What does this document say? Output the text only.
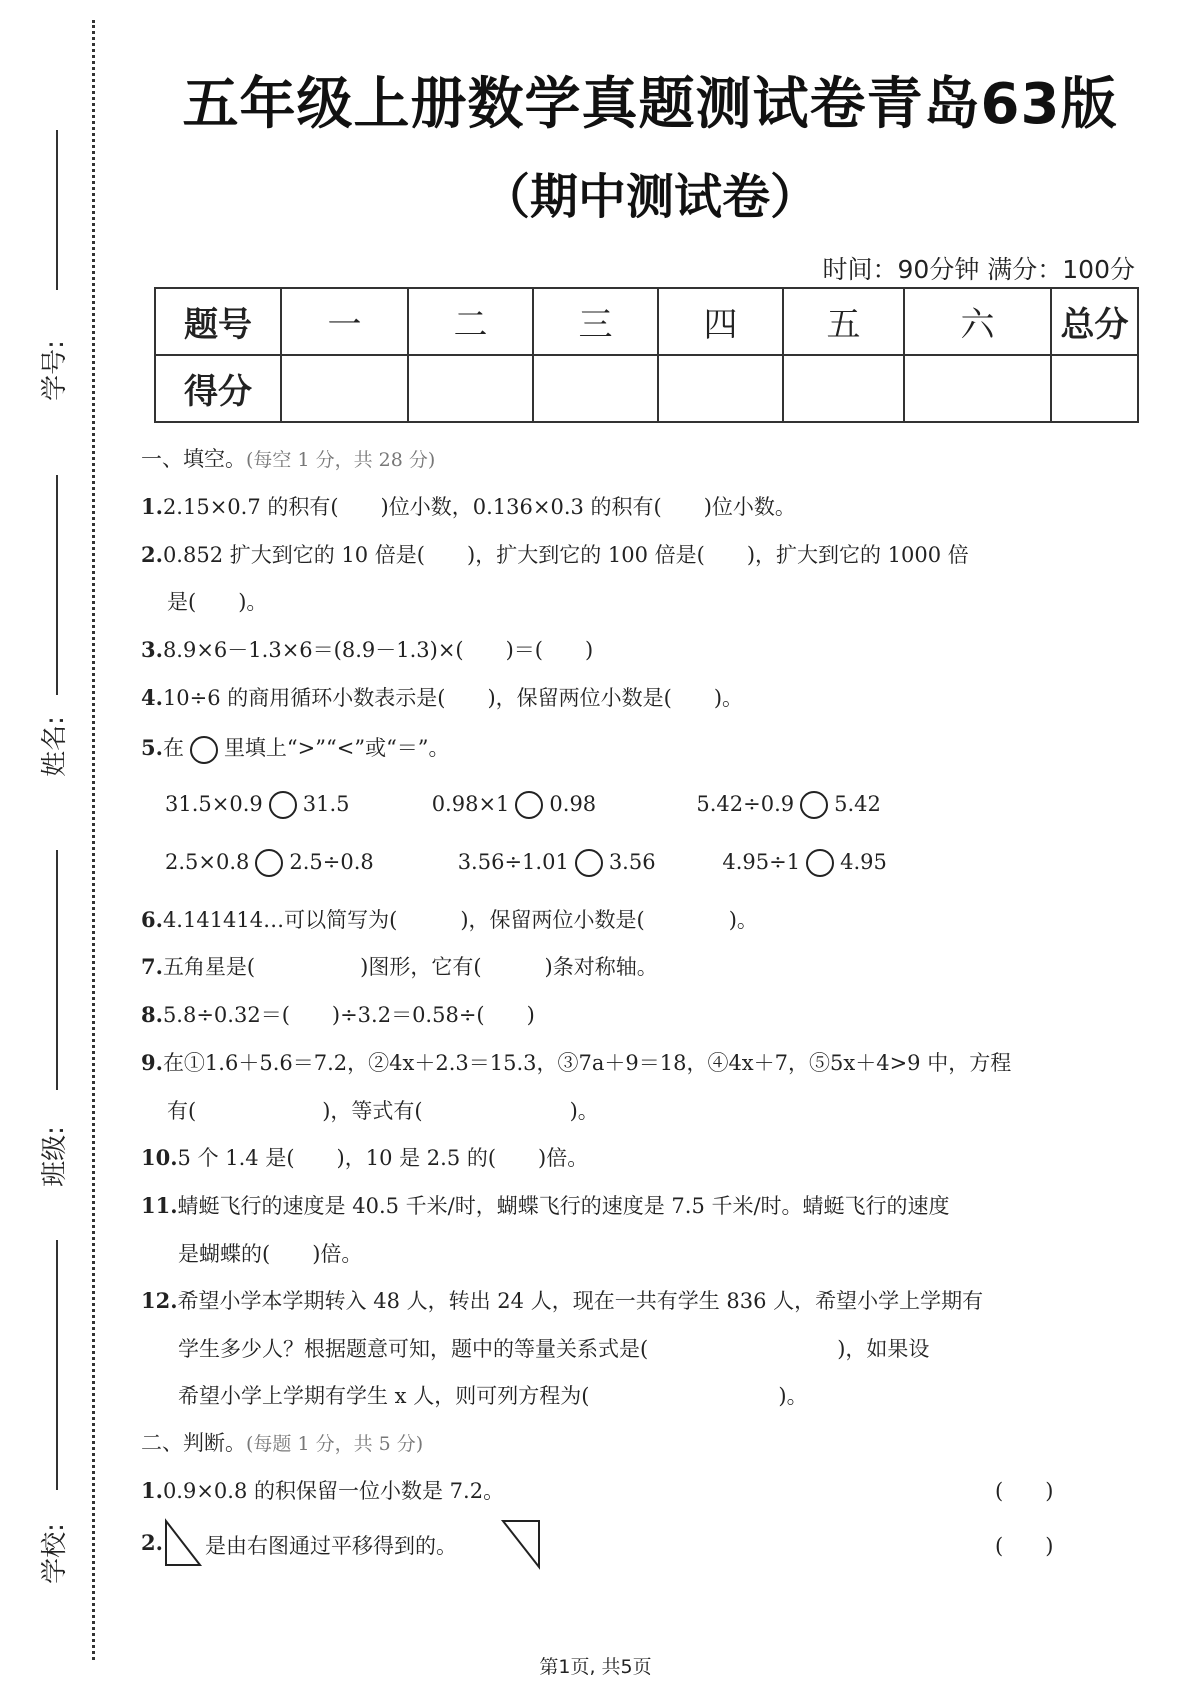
学号:
姓名:
班级:
学校:
五年级上册数学真题测试卷青岛63版
（期中测试卷）
时间：90分钟 满分：100分
题号	一	二	三	四	五	六	总分
得分							
一、填空。(每空 1 分，共 28 分)
1.2.15×0.7 的积有(　　)位小数，0.136×0.3 的积有(　　)位小数。
2.0.852 扩大到它的 10 倍是(　　)，扩大到它的 100 倍是(　　)，扩大到它的 1000 倍
是(　　)。
3.8.9×6－1.3×6＝(8.9－1.3)×(　　)＝(　　)
4.10÷6 的商用循环小数表示是(　　)，保留两位小数是(　　)。
5.在 里填上“>”“<”或“＝”。
31.5×0.9 31.5	0.98×1 0.98	5.42÷0.9 5.42
2.5×0.8 2.5÷0.8	3.56÷1.01 3.56	4.95÷1 4.95
6.4.141414…可以简写为(　　　)，保留两位小数是(　　　　)。
7.五角星是(　　　　　)图形，它有(　　　)条对称轴。
8.5.8÷0.32＝(　　)÷3.2＝0.58÷(　　)
9.在①1.6＋5.6＝7.2，②4x＋2.3＝15.3，③7a＋9＝18，④4x＋7，⑤5x＋4>9 中，方程
有(　　　　　　)，等式有(　　　　　　　)。
10.5 个 1.4 是(　　)，10 是 2.5 的(　　)倍。
11.蜻蜓飞行的速度是 40.5 千米/时，蝴蝶飞行的速度是 7.5 千米/时。蜻蜓飞行的速度
是蝴蝶的(　　)倍。
12.希望小学本学期转入 48 人，转出 24 人，现在一共有学生 836 人，希望小学上学期有
学生多少人？根据题意可知，题中的等量关系式是(　　　　　　　　　)，如果设
希望小学上学期有学生 x 人，则可列方程为(　　　　　　　　　)。
二、判断。(每题 1 分，共 5 分)
1.0.9×0.8 的积保留一位小数是 7.2。	(　　)
2. 是由右图通过平移得到的。	(　　)
第1页, 共5页
